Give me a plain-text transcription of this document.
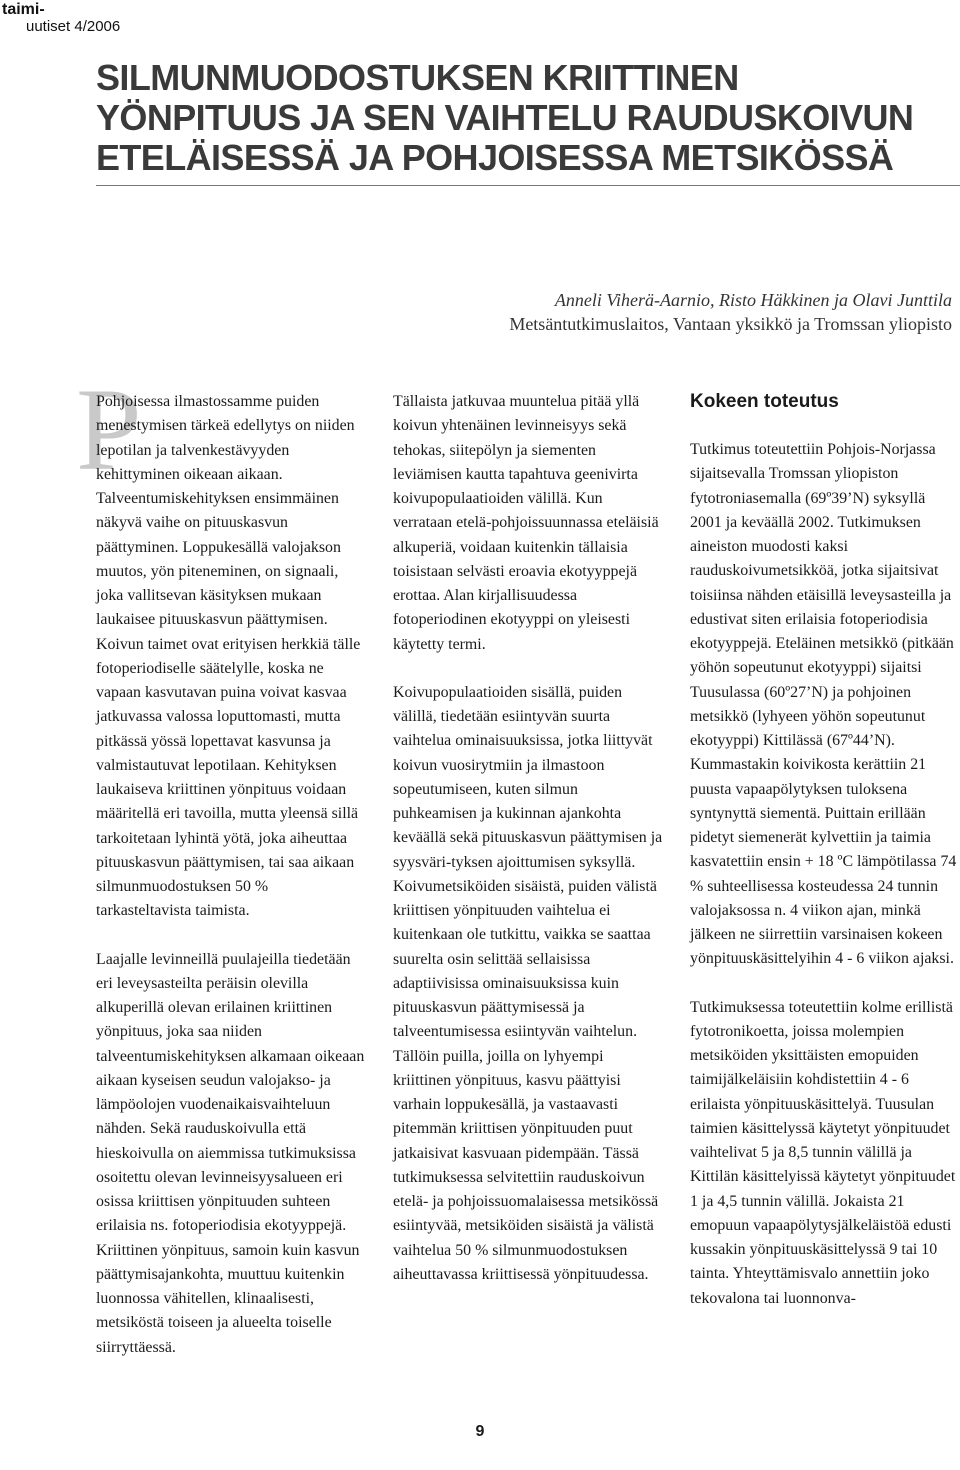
taimi-
uutiset 4/2006
SILMUNMUODOSTUKSEN KRIITTINEN YÖNPITUUS JA SEN VAIHTELU RAUDUSKOIVUN ETELÄISESSÄ JA POHJOISESSA METSIKÖSSÄ
Anneli Viherä-Aarnio, Risto Häkkinen ja Olavi Junttila
Metsäntutkimuslaitos, Vantaan yksikkö ja Tromssan yliopisto
P

Pohjoisessa ilmastossamme puiden menestymisen tärkeä edellytys on niiden lepotilan ja talvenkestävyyden kehittyminen oikeaan aikaan. Talveentumiskehityksen ensimmäinen näkyvä vaihe on pituuskasvun päättyminen. Loppukesällä valojakson muutos, yön piteneminen, on signaali, joka vallitsevan käsityksen mukaan laukaisee pituuskasvun päättymisen. Koivun taimet ovat erityisen herkkiä tälle fotoperiodiselle säätelylle, koska ne vapaan kasvutavan puina voivat kasvaa jatkuvassa valossa loputtomasti, mutta pitkässä yössä lopettavat kasvunsa ja valmistautuvat lepotilaan. Kehityksen laukaiseva kriittinen yönpituus voidaan määritellä eri tavoilla, mutta yleensä sillä tarkoitetaan lyhintä yötä, joka aiheuttaa pituuskasvun päättymisen, tai saa aikaan silmunmuodostuksen 50 % tarkasteltavista taimista.

Laajalle levinneillä puulajeilla tiedetään eri leveysasteilta peräisin olevilla alkuperillä olevan erilainen kriittinen yönpituus, joka saa niiden talveentumiskehityksen alkamaan oikeaan aikaan kyseisen seudun valojakso- ja lämpöolojen vuodenaikaisvaihteluun nähden. Sekä rauduskoivulla että hieskoivulla on aiemmissa tutkimuksissa osoitettu olevan levinneisyysalueen eri osissa kriittisen yönpituuden suhteen erilaisia ns. fotoperiodisia ekotyyppejä. Kriittinen yönpituus, samoin kuin kasvun päättymisajankohta, muuttuu kuitenkin luonnossa vähitellen, klinaalisesti, metsiköstä toiseen ja alueelta toiselle siirryttäessä.

Tällaista jatkuvaa muuntelua pitää yllä koivun yhtenäinen levinneisyys sekä tehokas, siitepölyn ja siementen leviämisen kautta tapahtuva geenivirta koivupopulaatioiden välillä. Kun verrataan etelä-pohjoissuunnassa eteläisiä alkuperiä, voidaan kuitenkin tällaisia toisistaan selvästi eroavia ekotyyppejä erottaa. Alan kirjallisuudessa fotoperiodinen ekotyyppi on yleisesti käytetty termi.

Koivupopulaatioiden sisällä, puiden välillä, tiedetään esiintyvän suurta vaihtelua ominaisuuksissa, jotka liittyvät koivun vuosirytmiin ja ilmastoon sopeutumiseen, kuten silmun puhkeamisen ja kukinnan ajankohta keväällä sekä pituuskasvun päättymisen ja syysväri-tyksen ajoittumisen syksyllä. Koivumetsiköiden sisäistä, puiden välistä kriittisen yönpituuden vaihtelua ei kuitenkaan ole tutkittu, vaikka se saattaa suurelta osin selittää sellaisissa adaptiivisissa ominaisuuksissa kuin pituuskasvun päättymisessä ja talveentumisessa esiintyvän vaihtelun. Tällöin puilla, joilla on lyhyempi kriittinen yönpituus, kasvu päättyisi varhain loppukesällä, ja vastaavasti pitemmän kriittisen yönpituuden puut jatkaisivat kasvuaan pidempään. Tässä tutkimuksessa selvitettiin rauduskoivun etelä- ja pohjoissuomalaisessa metsikössä esiintyvää, metsiköiden sisäistä ja välistä vaihtelua 50 % silmunmuodostuksen aiheuttavassa kriittisessä yönpituudessa.

Kokeen toteutus

Tutkimus toteutettiin Pohjois-Norjassa sijaitsevalla Tromssan yliopiston fytotroniasemalla (69º39’N) syksyllä 2001 ja keväällä 2002. Tutkimuksen aineiston muodosti kaksi rauduskoivumetsikköä, jotka sijaitsivat toisiinsa nähden etäisillä leveysasteilla ja edustivat siten erilaisia fotoperiodisia ekotyyppejä. Eteläinen metsikkö (pitkään yöhön sopeutunut ekotyyppi) sijaitsi Tuusulassa (60º27’N) ja pohjoinen metsikkö (lyhyeen yöhön sopeutunut ekotyyppi) Kittilässä (67º44’N). Kummastakin koivikosta kerättiin 21 puusta vapaapölytyksen tuloksena syntynyttä siementä. Puittain erillään pidetyt siemenerät kylvettiin ja taimia kasvatettiin ensin + 18 ºC lämpötilassa 74 % suhteellisessa kosteudessa 24 tunnin valojaksossa n. 4 viikon ajan, minkä jälkeen ne siirrettiin varsinaisen kokeen yönpituuskäsittelyihin 4 - 6 viikon ajaksi.

Tutkimuksessa toteutettiin kolme erillistä fytotronikoetta, joissa molempien metsiköiden yksittäisten emopuiden taimijälkeläisiin kohdistettiin 4 - 6 erilaista yönpituuskäsittelyä. Tuusulan taimien käsittelyssä käytetyt yönpituudet vaihtelivat 5 ja 8,5 tunnin välillä ja Kittilän käsittelyissä käytetyt yönpituudet 1 ja 4,5 tunnin välillä. Jokaista 21 emopuun vapaapölytysjälkeläistöä edusti kussakin yönpituuskäsittelyssä 9 tai 10 tainta. Yhteyttämisvalo annettiin joko tekovalona tai luonnonva-

9
